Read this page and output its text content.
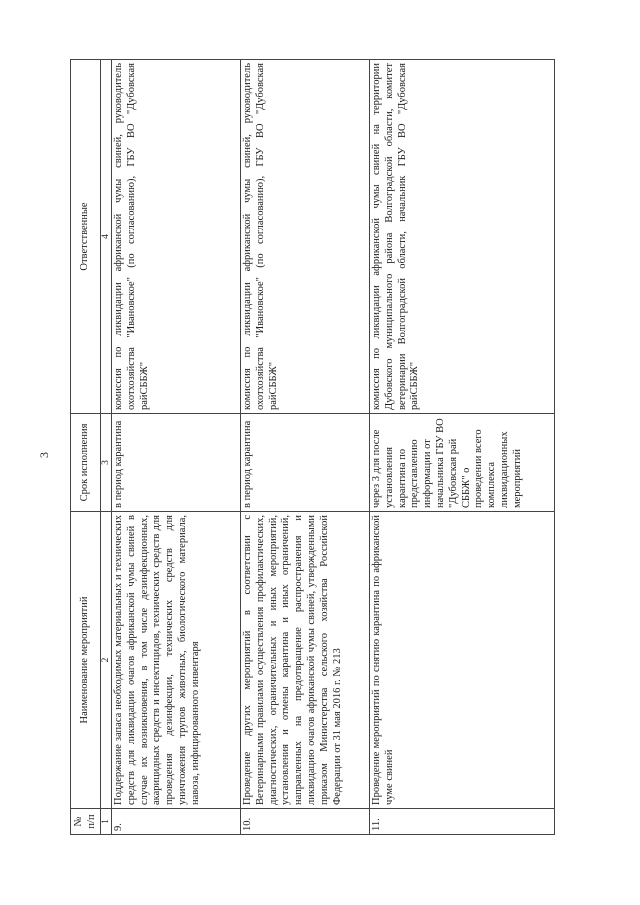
3
№ п/п	Наименование мероприятий	Срок исполнения	Ответственные
1	2	3	4
9.	Поддержание запаса необходимых материальных и технических средств для ликвидации очагов африканской чумы свиней в случае их возникновения, в том числе дезинфекционных, акарицидных средств и инсектицидов, технических средств для проведения дезинфекции, технических средств для уничтожения трупов животных, биологического материала, навоза, инфицированного инвентаря	в период карантина	комиссия по ликвидации африканской чумы свиней, руководитель охотхозяйства "Ивановское" (по согласованию), ГБУ ВО "Дубовская райСББЖ"
10.	Проведение других мероприятий в соответствии с Ветеринарными правилами осуществления профилактических, диагностических, ограничительных и иных мероприятий, установления и отмены карантина и иных ограничений, направленных на предотвращение распространения и ликвидацию очагов африканской чумы свиней, утвержденными приказом Министерства сельского хозяйства Российской Федерации от 31 мая 2016 г. № 213	в период карантина	комиссия по ликвидации африканской чумы свиней, руководитель охотхозяйства "Ивановское" (по согласованию), ГБУ ВО "Дубовская райСББЖ"
11.	Проведение мероприятий по снятию карантина по африканской чуме свиней	через 3 для после установления карантина по представлению информации от начальника ГБУ ВО "Дубовская рай СББЖ" о проведении всего комплекса ликвидационных мероприятий	комиссия по ликвидации африканской чумы свиней на территории Дубовского муниципального района Волгоградской области, комитет ветеринарии Волгоградской области, начальник ГБУ ВО "Дубовская райСББЖ"
